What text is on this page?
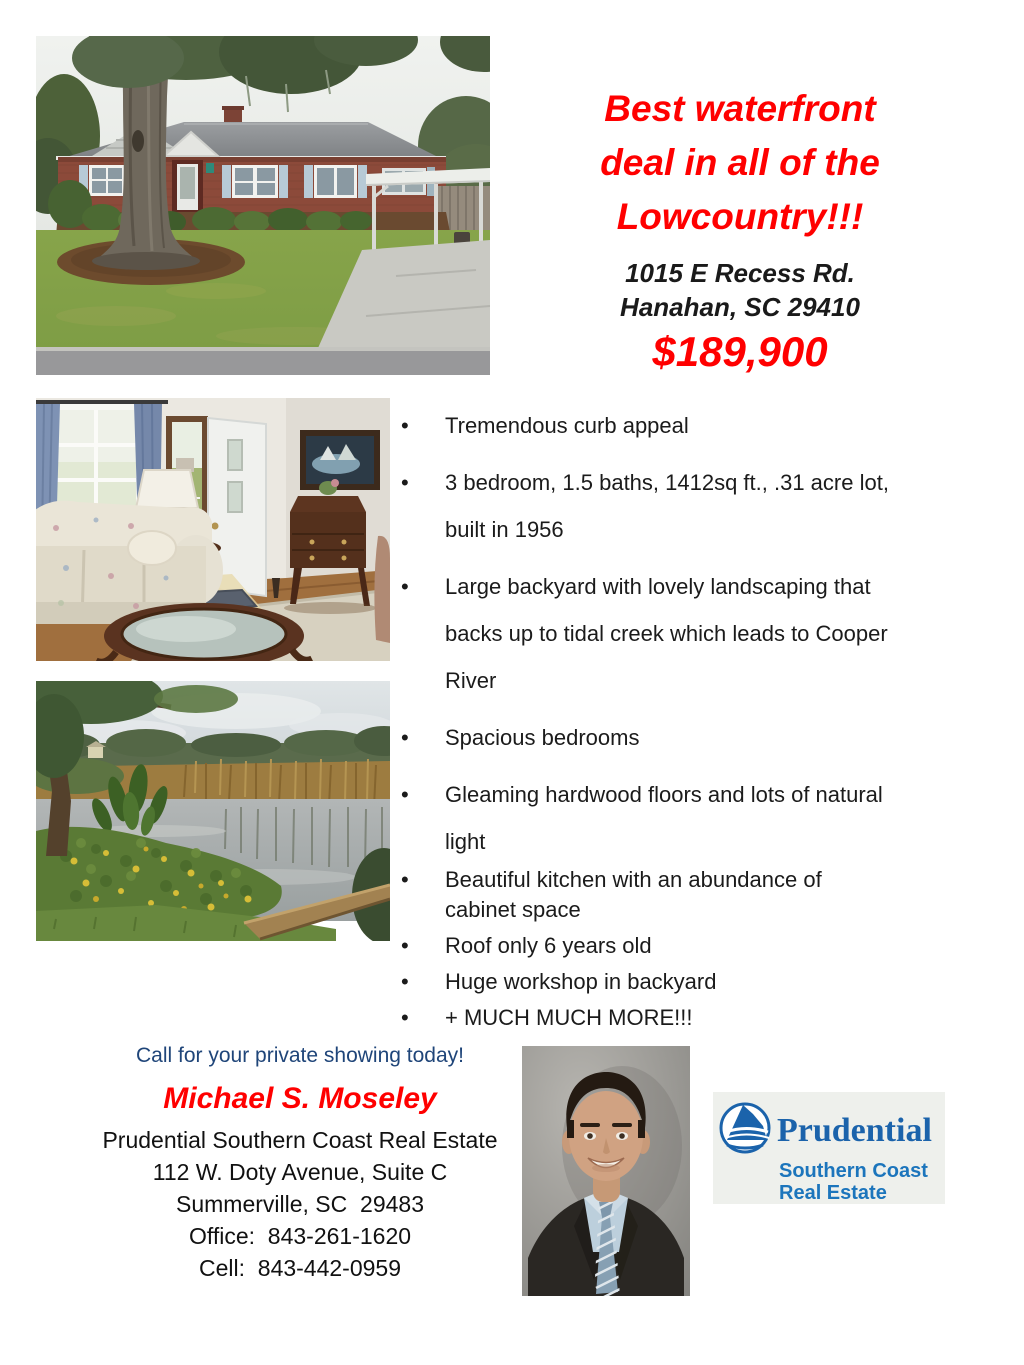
Best waterfront
deal in all of the
Lowcountry!!!
1015 E Recess Rd.
Hanahan, SC 29410
$189,900
• Tremendous curb appeal
• 3 bedroom, 1.5 baths, 1412sq ft., .31 acre lot, built in 1956
• Large backyard with lovely landscaping that backs up to tidal creek which leads to Cooper River
• Spacious bedrooms
• Gleaming hardwood floors and lots of natural light
• Beautiful kitchen with an abundance of cabinet space
• Roof only 6 years old
• Huge workshop in backyard
• + MUCH MUCH MORE!!!
Call for your private showing today!
Michael S. Moseley
Prudential Southern Coast Real Estate
112 W. Doty Avenue, Suite C
Summerville, SC  29483
Office:  843-261-1620
Cell:  843-442-0959
Prudential
Southern Coast
Real Estate
